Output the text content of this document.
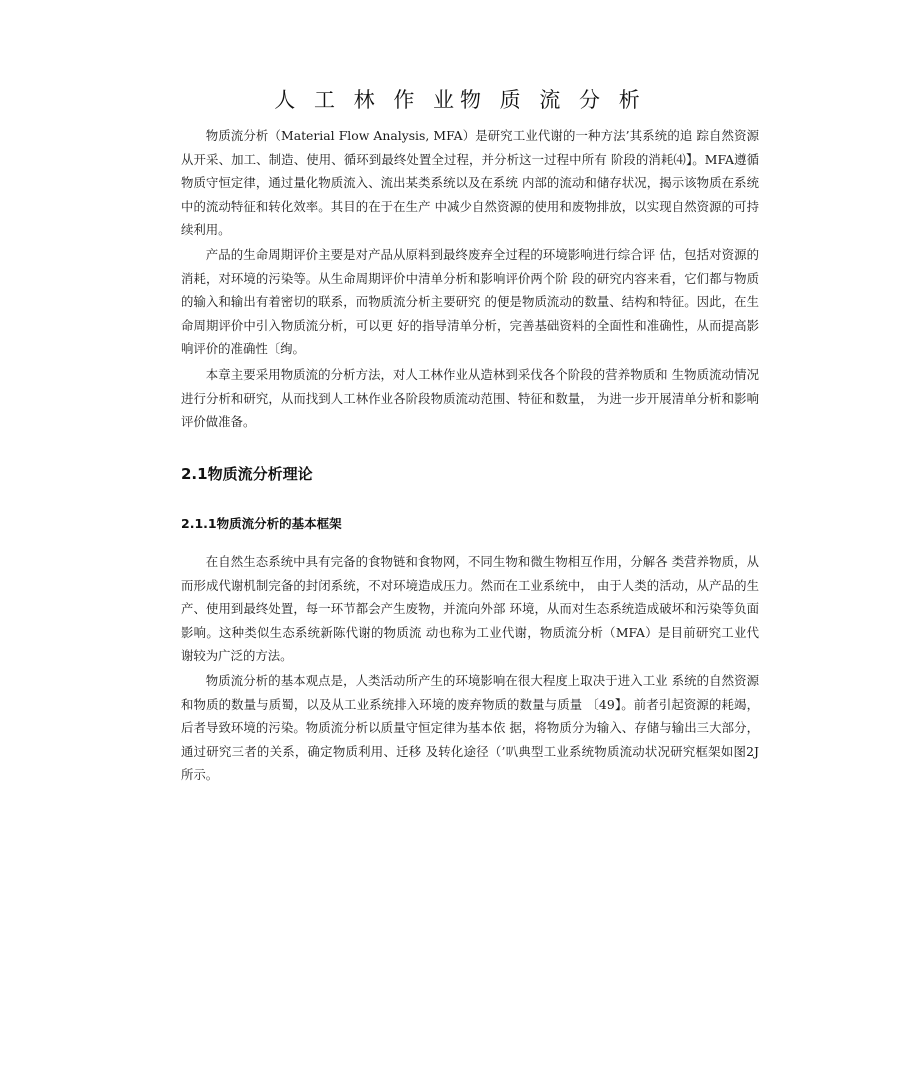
人 工 林 作 业物 质 流 分 析

物质流分析（Material Flow Analysis, MFA）是研究工业代谢的一种方法’其系统的追 踪自然资源从开采、加工、制造、使用、循环到最终处置全过程，并分析这一过程中所有 阶段的消耗⑷】。MFA遵循物质守恒定律，通过量化物质流入、流出某类系统以及在系统 内部的流动和储存状况，揭示该物质在系统中的流动特征和转化效率。其目的在于在生产 中减少自然资源的使用和废物排放，以实现自然资源的可持续利用。

产品的生命周期评价主要是对产品从原料到最终废弃全过程的环境影响进行综合评 估，包括对资源的消耗，对环境的污染等。从生命周期评价中清单分析和影响评价两个阶 段的研究内容来看，它们都与物质的输入和输出有着密切的联系，而物质流分析主要研究 的便是物质流动的数量、结构和特征。因此，在生命周期评价中引入物质流分析，可以更 好的指导清单分析，完善基础资料的全面性和准确性，从而提高影响评价的准确性〔绚。

本章主要采用物质流的分析方法，对人工林作业从造林到采伐各个阶段的营养物质和 生物质流动情况进行分析和研究，从而找到人工林作业各阶段物质流动范围、特征和数量， 为进一步开展清单分析和影响评价做准备。

2.1物质流分析理论
2.1.1物质流分析的基本框架

在自然生态系统中具有完备的食物链和食物网，不同生物和微生物相互作用，分解各 类营养物质，从而形成代谢机制完备的封闭系统，不对环境造成压力。然而在工业系统中， 由于人类的活动，从产品的生产、使用到最终处置，每一环节都会产生废物，并流向外部 环境，从而对生态系统造成破坏和污染等负面影响。这种类似生态系统新陈代谢的物质流 动也称为工业代谢，物质流分析（MFA）是目前研究工业代谢较为广泛的方法。

物质流分析的基本观点是，人类活动所产生的环境影响在很大程度上取决于进入工业 系统的自然资源和物质的数量与质蜀，以及从工业系统排入环境的废弃物质的数量与质量 〔49】。前者引起资源的耗竭，后者导致环境的污染。物质流分析以质量守恒定律为基本依 据，将物质分为输入、存储与输出三大部分，通过研究三者的关系，确定物质利用、迁移 及转化途径（’叭典型工业系统物质流动状况研究框架如图2J所示。
